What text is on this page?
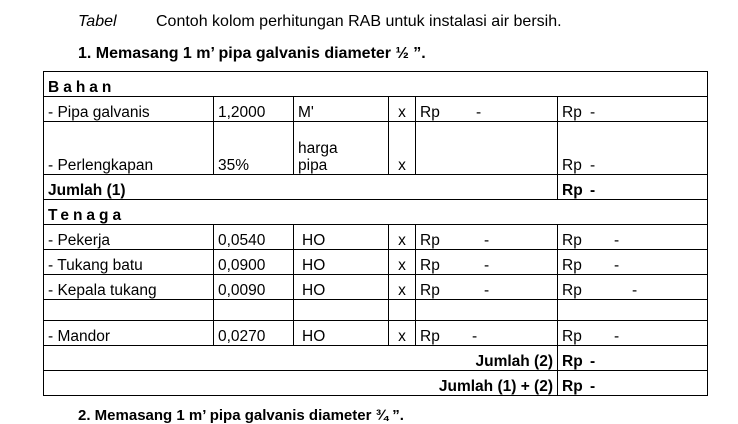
Tabel Contoh kolom perhitungan RAB untuk instalasi air bersih.
1. Memasang 1 m’ pipa galvanis diameter ½ ”.
Bahan					
- Pipa galvanis	1,2000	M'	x	Rp -	Rp -
- Perlengkapan	35%	harga pipa	x		Rp -
Jumlah (1)					Rp -
Tenaga					
- Pekerja	0,0540	HO	x	Rp -	Rp -
- Tukang batu	0,0900	HO	x	Rp -	Rp -
- Kepala tukang	0,0090	HO	x	Rp -	Rp -

- Mandor	0,0270	HO	x	Rp -	Rp -
Jumlah (2)					Rp -
Jumlah (1) + (2)					Rp -
2. Memasang 1 m’ pipa galvanis diameter ¾ ”.
